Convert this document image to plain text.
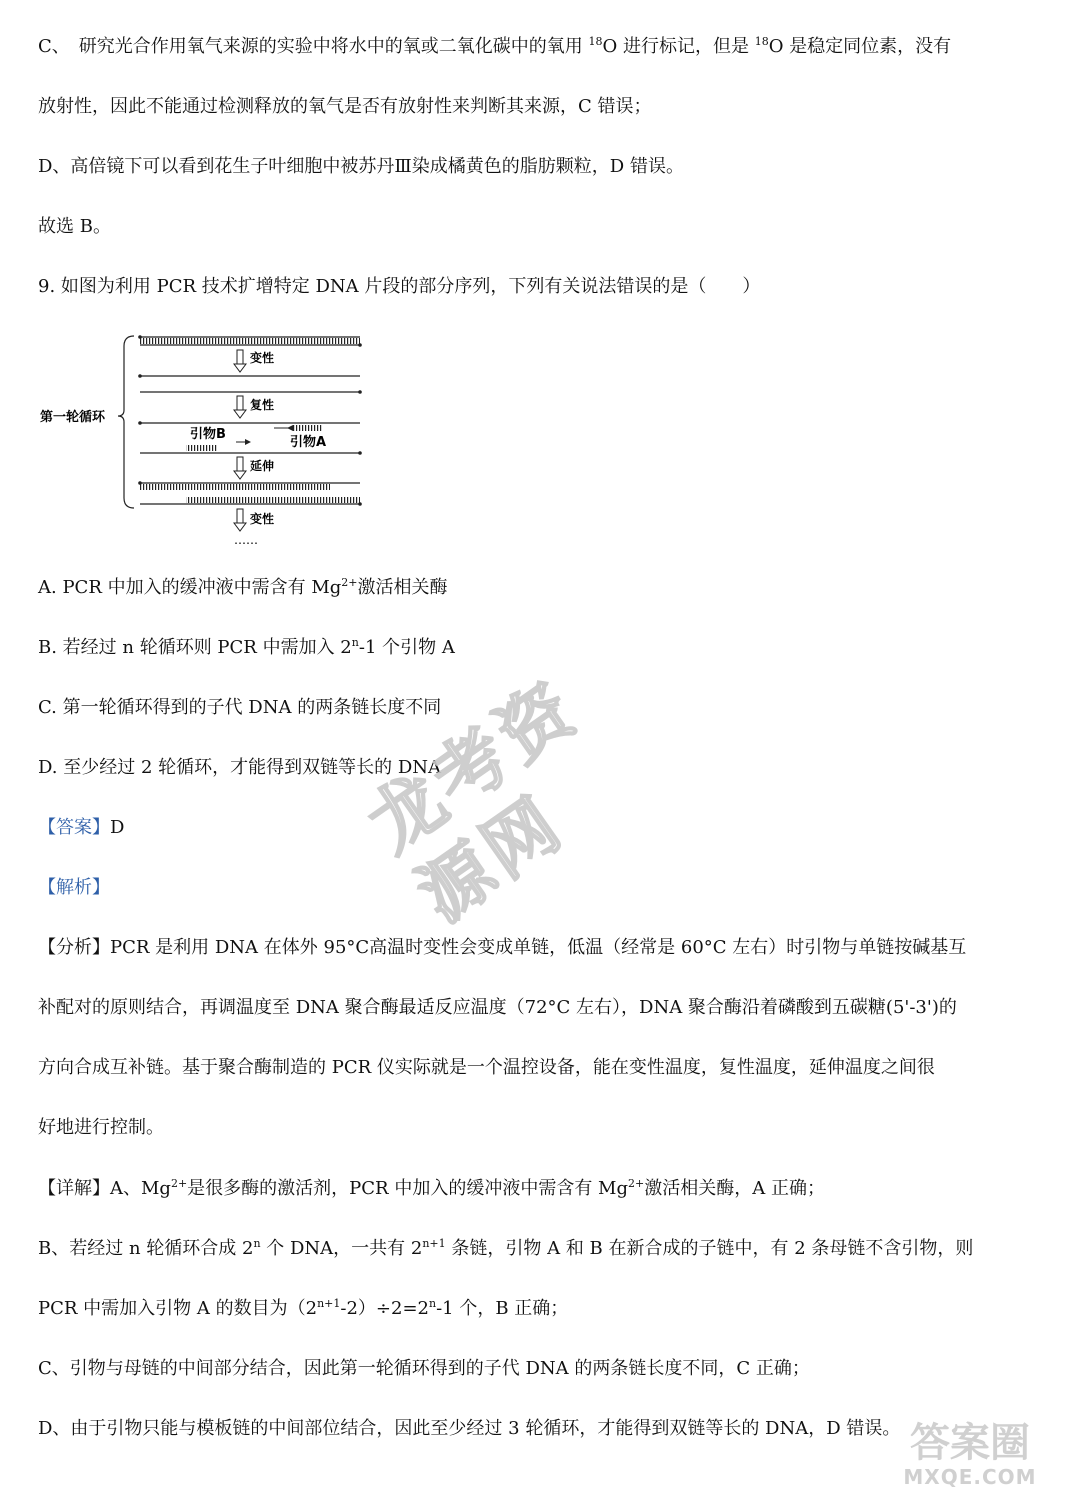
C、　研究光合作用氧气来源的实验中将水中的氧或二氧化碳中的氧用 $^{18}$O 进行标记，但是 $^{18}$O 是稳定同位素，没有
放射性，因此不能通过检测释放的氧气是否有放射性来判断其来源，C 错误；
D、高倍镜下可以看到花生子叶细胞中被苏丹Ⅲ染成橘黄色的脂肪颗粒，D 错误。
故选 B。
9. 如图为利用 PCR 技术扩增特定 DNA 片段的部分序列，下列有关说法错误的是（　　）
第一轮循环
变性
复性
引物A
引物B
延伸
变性
……
A. PCR 中加入的缓冲液中需含有 $Mg^{2+}$激活相关酶
B. 若经过 n 轮循环则 PCR 中需加入 2$^n$-1 个引物 A
C. 第一轮循环得到的子代 DNA 的两条链长度不同
D. 至少经过 2 轮循环，才能得到双链等长的 DNA
【答案】D
【解析】
【分析】PCR 是利用 DNA 在体外 95°C高温时变性会变成单链，低温（经常是 60°C 左右）时引物与单链按碱基互
补配对的原则结合，再调温度至 DNA 聚合酶最适反应温度（72°C 左右），DNA 聚合酶沿着磷酸到五碳糖(5'-3')的
方向合成互补链。基于聚合酶制造的 PCR 仪实际就是一个温控设备，能在变性温度，复性温度，延伸温度之间很
好地进行控制。
【详解】A、$Mg^{2+}$是很多酶的激活剂，PCR 中加入的缓冲液中需含有 $Mg^{2+}$激活相关酶，A 正确；
B、若经过 n 轮循环合成 2$^n$ 个 DNA，一共有 $2^{n+1}$ 条链，引物 A 和 B 在新合成的子链中，有 2 条母链不含引物，则
PCR 中需加入引物 A 的数目为$(2^{n+1}-2)\div 2=2^n-1$ 个，B 正确；
C、引物与母链的中间部分结合，因此第一轮循环得到的子代 DNA 的两条链长度不同，C 正确；
D、由于引物只能与模板链的中间部位结合，因此至少经过 3 轮循环，才能得到双链等长的 DNA，D 错误。
龙考资源网
答案圈
MXQE.COM
